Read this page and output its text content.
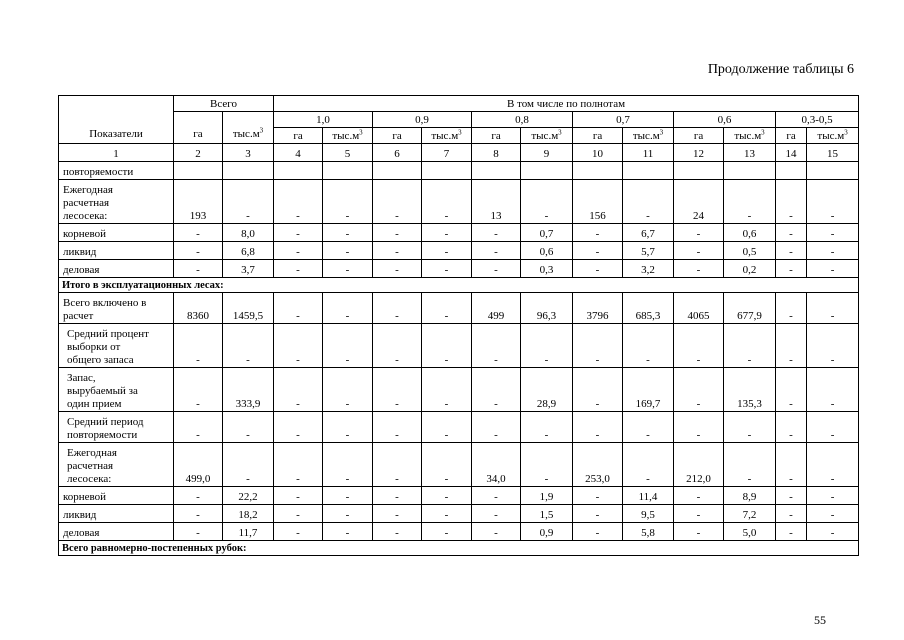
Продолжение таблицы 6
Показатели	Всего		В том числе по полнотам											
	га	$тыс.м^3$	1,0		0,9		0,8		0,7		0,6		0,3-0,5	
			га	$тыс.м^3$	га	$тыс.м^3$	га	$тыс.м^3$	га	$тыс.м^3$	га	$тыс.м^3$	га	$тыс.м^3$
1	2	3	4	5	6	7	8	9	10	11	12	13	14	15

повторяемости														

Ежегодная
расчетная
лесосека:	193	-	-	-	-	-	13	-	156	-	24	-	-	-

корневой	-	8,0	-	-	-	-	-	0,7	-	6,7	-	0,6	-	-

ликвид	-	6,8	-	-	-	-	-	0,6	-	5,7	-	0,5	-	-

деловая	-	3,7	-	-	-	-	-	0,3	-	3,2	-	0,2	-	-
Итого в эксплуатационных лесах:														

Всего включено в
расчет	8360	1459,5	-	-	-	-	499	96,3	3796	685,3	4065	677,9	-	-

Средний процент
выборки от
общего запаса	-	-	-	-	-	-	-	-	-	-	-	-	-	-

Запас,
вырубаемый за
один прием	-	333,9	-	-	-	-	-	28,9	-	169,7	-	135,3	-	-

Средний период
повторяемости	-	-	-	-	-	-	-	-	-	-	-	-	-	-

Ежегодная
расчетная
лесосека:	499,0	-	-	-	-	-	34,0	-	253,0	-	212,0	-	-	-

корневой	-	22,2	-	-	-	-	-	1,9	-	11,4	-	8,9	-	-

ликвид	-	18,2	-	-	-	-	-	1,5	-	9,5	-	7,2	-	-

деловая	-	11,7	-	-	-	-	-	0,9	-	5,8	-	5,0	-	-
Всего равномерно-постепенных рубок:														
55
